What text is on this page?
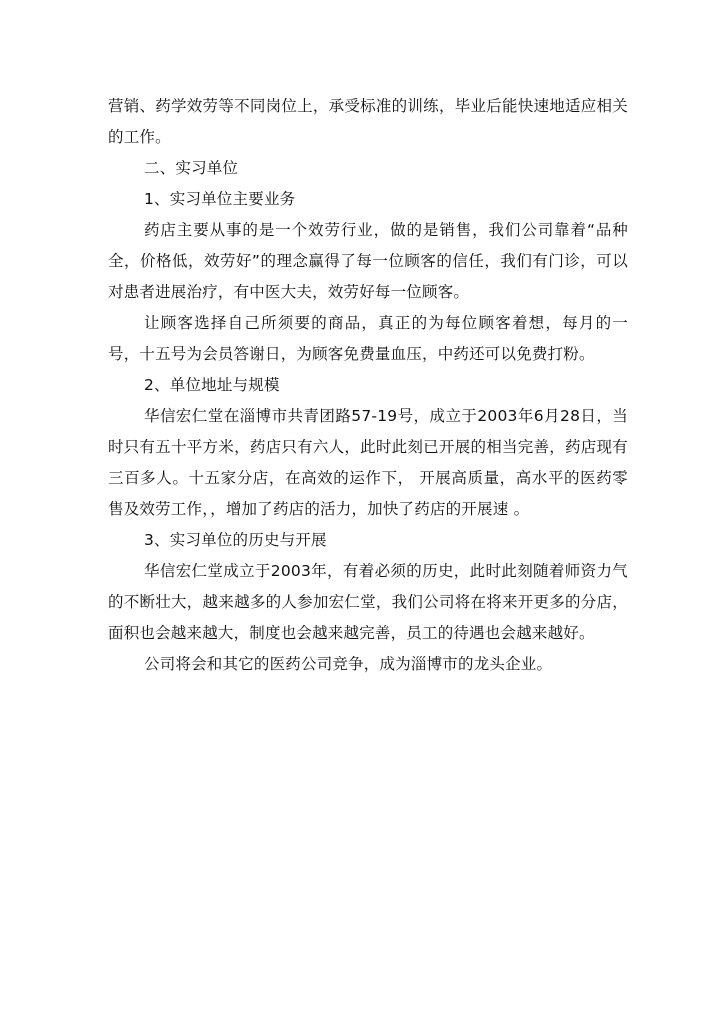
营销、药学效劳等不同岗位上，承受标准的训练，毕业后能快速地适应相关的工作。

二、实习单位

1、实习单位主要业务

药店主要从事的是一个效劳行业，做的是销售，我们公司靠着“品种全，价格低，效劳好”的理念赢得了每一位顾客的信任，我们有门诊，可以对患者进展治疗，有中医大夫，效劳好每一位顾客。

让顾客选择自己所须要的商品，真正的为每位顾客着想，每月的一号，十五号为会员答谢日，为顾客免费量血压，中药还可以免费打粉。

2、单位地址与规模

华信宏仁堂在淄博市共青团路57-19号，成立于2003年6月28日，当时只有五十平方米，药店只有六人，此时此刻已开展的相当完善，药店现有三百多人。十五家分店，在高效的运作下， 开展高质量，高水平的医药零售及效劳工作，，增加了药店的活力，加快了药店的开展速 。

3、实习单位的历史与开展

华信宏仁堂成立于2003年，有着必须的历史，此时此刻随着师资力气的不断壮大，越来越多的人参加宏仁堂，我们公司将在将来开更多的分店，面积也会越来越大，制度也会越来越完善，员工的待遇也会越来越好。

公司将会和其它的医药公司竞争，成为淄博市的龙头企业。
